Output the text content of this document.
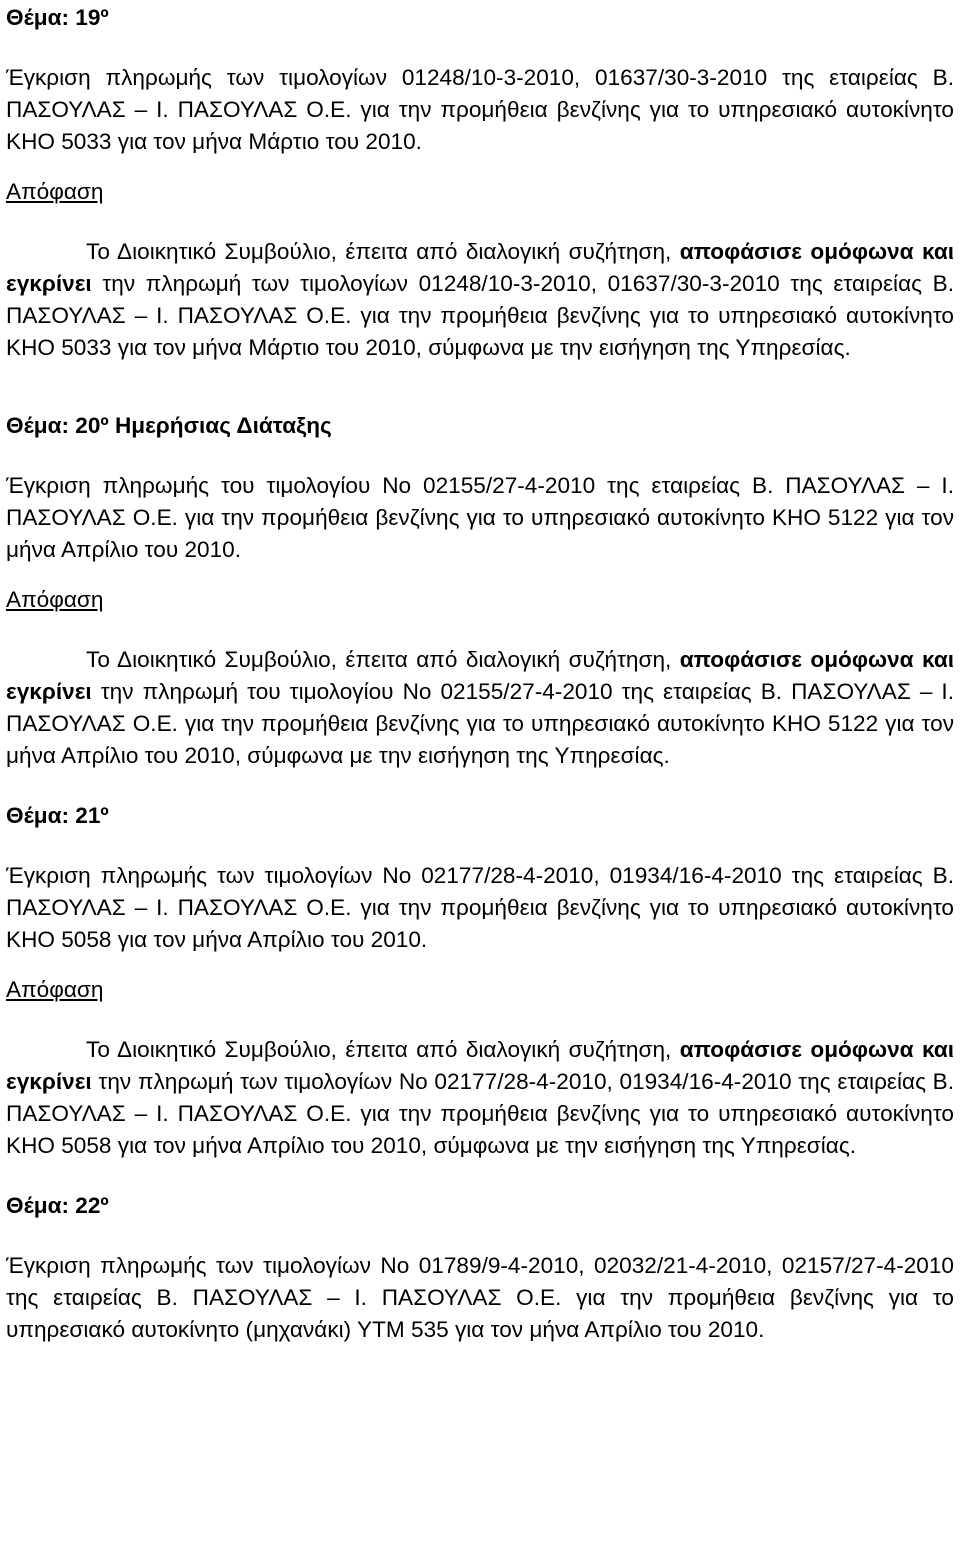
Θέμα: 19º

Έγκριση πληρωμής των τιμολογίων 01248/10-3-2010, 01637/30-3-2010 της εταιρείας Β. ΠΑΣΟΥΛΑΣ – Ι. ΠΑΣΟΥΛΑΣ Ο.Ε. για την προμήθεια βενζίνης για το υπηρεσιακό αυτοκίνητο ΚΗΟ 5033 για τον μήνα Μάρτιο του 2010.

Απόφαση

Το Διοικητικό Συμβούλιο, έπειτα από διαλογική συζήτηση, αποφάσισε ομόφωνα και εγκρίνει την πληρωμή των τιμολογίων 01248/10-3-2010, 01637/30-3-2010 της εταιρείας Β. ΠΑΣΟΥΛΑΣ – Ι. ΠΑΣΟΥΛΑΣ Ο.Ε. για την προμήθεια βενζίνης για το υπηρεσιακό αυτοκίνητο ΚΗΟ 5033 για τον μήνα Μάρτιο του 2010, σύμφωνα με την εισήγηση της Υπηρεσίας.

Θέμα: 20º Ημερήσιας Διάταξης

Έγκριση πληρωμής του τιμολογίου Νο 02155/27-4-2010 της εταιρείας Β. ΠΑΣΟΥΛΑΣ – Ι. ΠΑΣΟΥΛΑΣ Ο.Ε. για την προμήθεια βενζίνης για το υπηρεσιακό αυτοκίνητο ΚΗΟ 5122 για τον μήνα Απρίλιο του 2010.

Απόφαση

Το Διοικητικό Συμβούλιο, έπειτα από διαλογική συζήτηση, αποφάσισε ομόφωνα και εγκρίνει την πληρωμή του τιμολογίου Νο 02155/27-4-2010 της εταιρείας Β. ΠΑΣΟΥΛΑΣ – Ι. ΠΑΣΟΥΛΑΣ Ο.Ε. για την προμήθεια βενζίνης για το υπηρεσιακό αυτοκίνητο ΚΗΟ 5122 για τον μήνα Απρίλιο του 2010, σύμφωνα με την εισήγηση της Υπηρεσίας.

Θέμα: 21º

Έγκριση πληρωμής των τιμολογίων Νο 02177/28-4-2010, 01934/16-4-2010 της εταιρείας Β. ΠΑΣΟΥΛΑΣ – Ι. ΠΑΣΟΥΛΑΣ Ο.Ε. για την προμήθεια βενζίνης για το υπηρεσιακό αυτοκίνητο ΚΗΟ 5058 για τον μήνα Απρίλιο του 2010.

Απόφαση

Το Διοικητικό Συμβούλιο, έπειτα από διαλογική συζήτηση, αποφάσισε ομόφωνα και εγκρίνει την πληρωμή των τιμολογίων Νο 02177/28-4-2010, 01934/16-4-2010 της εταιρείας Β. ΠΑΣΟΥΛΑΣ – Ι. ΠΑΣΟΥΛΑΣ Ο.Ε. για την προμήθεια βενζίνης για το υπηρεσιακό αυτοκίνητο ΚΗΟ 5058 για τον μήνα Απρίλιο του 2010, σύμφωνα με την εισήγηση της Υπηρεσίας.

Θέμα: 22º

Έγκριση πληρωμής των τιμολογίων Νο 01789/9-4-2010, 02032/21-4-2010, 02157/27-4-2010 της εταιρείας Β. ΠΑΣΟΥΛΑΣ – Ι. ΠΑΣΟΥΛΑΣ Ο.Ε. για την προμήθεια βενζίνης για το υπηρεσιακό αυτοκίνητο (μηχανάκι) ΥΤΜ 535 για τον μήνα Απρίλιο του 2010.
